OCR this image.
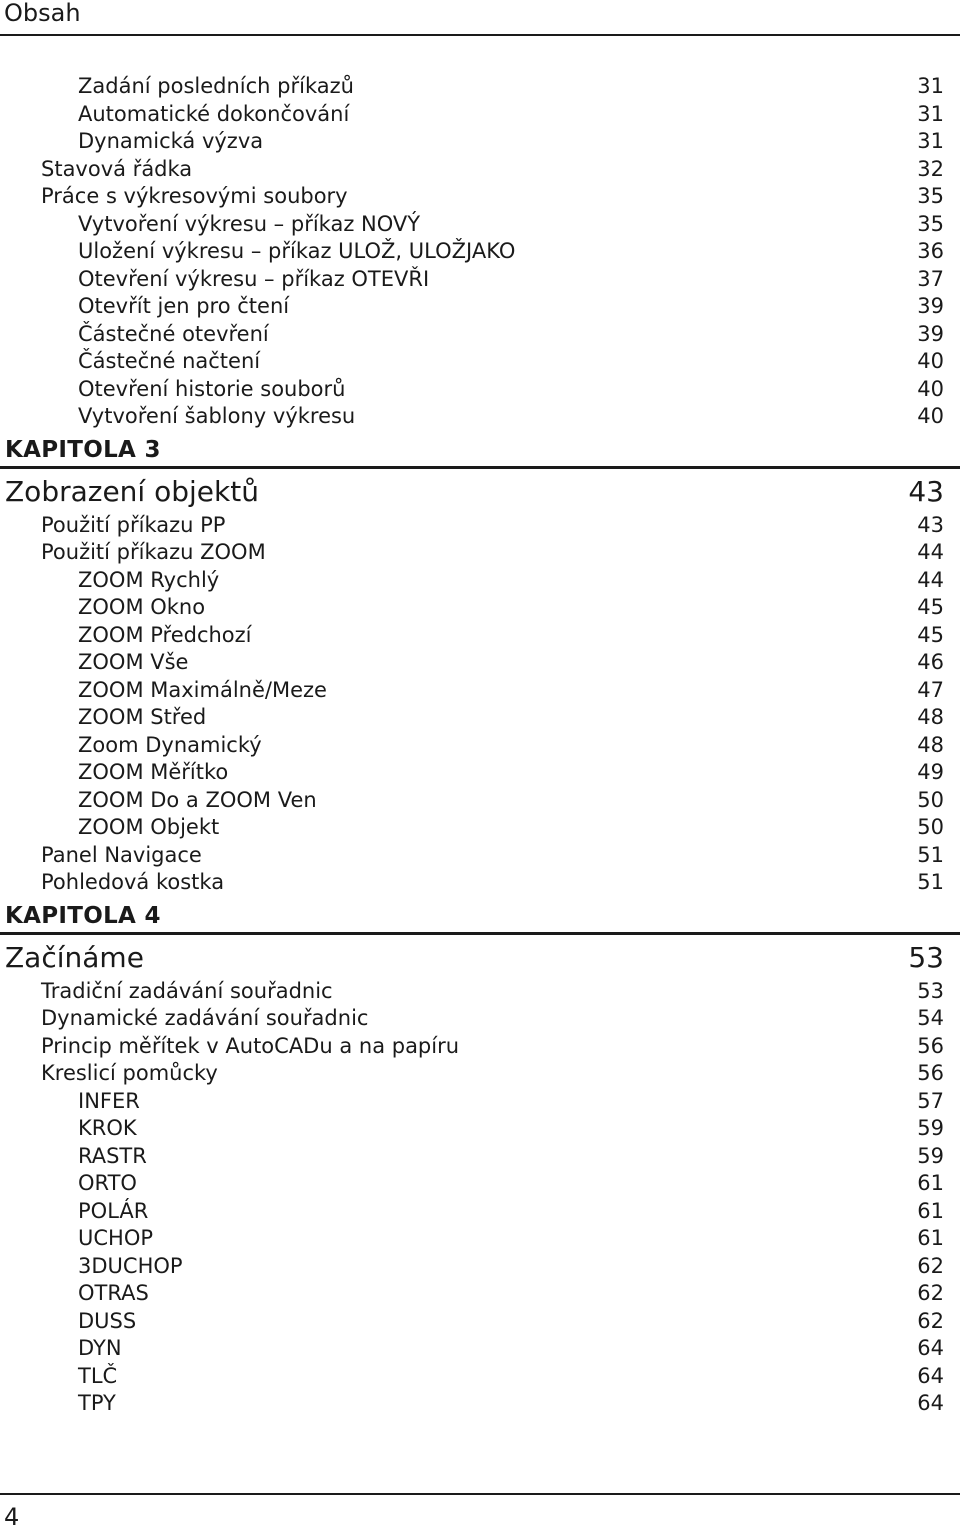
Obsah
Zadání posledních příkazů	31
Automatické dokončování	31
Dynamická výzva	31
Stavová řádka	32
Práce s výkresovými soubory	35
Vytvoření výkresu – příkaz NOVÝ	35
Uložení výkresu – příkaz ULOŽ, ULOŽJAKO	36
Otevření výkresu – příkaz OTEVŘI	37
Otevřít jen pro čtení	39
Částečné otevření	39
Částečné načtení	40
Otevření historie souborů	40
Vytvoření šablony výkresu	40
KAPITOLA 3
Zobrazení objektů	43
Použití příkazu PP	43
Použití příkazu ZOOM	44
ZOOM Rychlý	44
ZOOM Okno	45
ZOOM Předchozí	45
ZOOM Vše	46
ZOOM Maximálně/Meze	47
ZOOM Střed	48
Zoom Dynamický	48
ZOOM Měřítko	49
ZOOM Do a ZOOM Ven	50
ZOOM Objekt	50
Panel Navigace	51
Pohledová kostka	51
KAPITOLA 4
Začínáme	53
Tradiční zadávání souřadnic	53
Dynamické zadávání souřadnic	54
Princip měřítek v AutoCADu a na papíru	56
Kreslicí pomůcky	56
INFER	57
KROK	59
RASTR	59
ORTO	61
POLÁR	61
UCHOP	61
3DUCHOP	62
OTRAS	62
DUSS	62
DYN	64
TLČ	64
TPY	64
4
